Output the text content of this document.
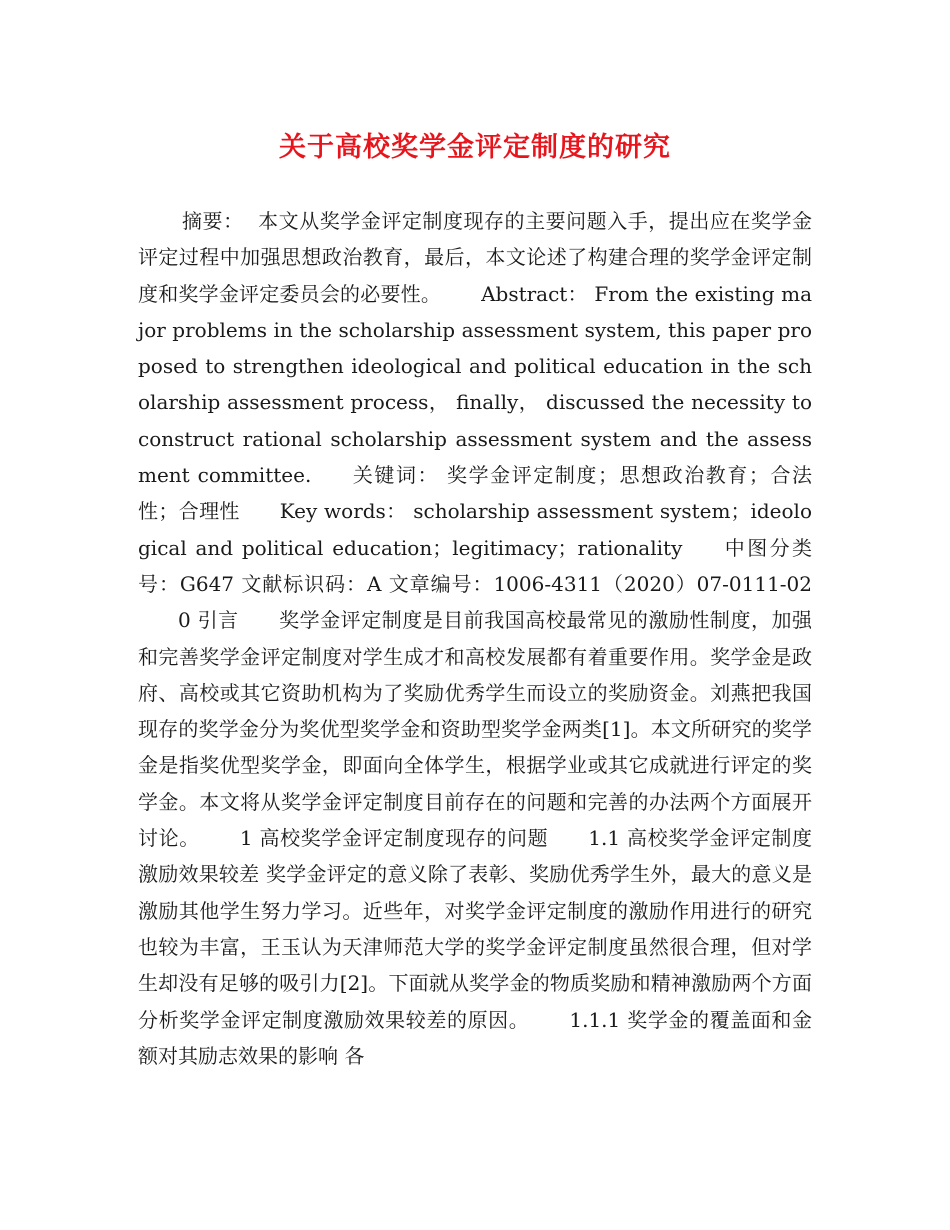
关于高校奖学金评定制度的研究
摘要： 本文从奖学金评定制度现存的主要问题入手，提出应在奖学金评定过程中加强思想政治教育，最后，本文论述了构建合理的奖学金评定制度和奖学金评定委员会的必要性。 Abstract： From the existing major problems in the scholarship assessment system, this paper proposed to strengthen ideological and political education in the scholarship assessment process， finally， discussed the necessity to construct rational scholarship assessment system and the assessment committee. 关键词： 奖学金评定制度；思想政治教育；合法性；合理性 Key words： scholarship assessment system；ideological and political education；legitimacy；rationality 中图分类号：G647 文献标识码：A 文章编号：1006-4311（2020）07-0111-020 引言 奖学金评定制度是目前我国高校最常见的激励性制度，加强和完善奖学金评定制度对学生成才和高校发展都有着重要作用。奖学金是政府、高校或其它资助机构为了奖励优秀学生而设立的奖励资金。刘燕把我国现存的奖学金分为奖优型奖学金和资助型奖学金两类[1]。本文所研究的奖学金是指奖优型奖学金，即面向全体学生，根据学业或其它成就进行评定的奖学金。本文将从奖学金评定制度目前存在的问题和完善的办法两个方面展开讨论。 1 高校奖学金评定制度现存的问题 1.1 高校奖学金评定制度激励效果较差 奖学金评定的意义除了表彰、奖励优秀学生外，最大的意义是激励其他学生努力学习。近些年，对奖学金评定制度的激励作用进行的研究也较为丰富，王玉认为天津师范大学的奖学金评定制度虽然很合理，但对学生却没有足够的吸引力[2]。下面就从奖学金的物质奖励和精神激励两个方面分析奖学金评定制度激励效果较差的原因。 1.1.1 奖学金的覆盖面和金额对其励志效果的影响 各
